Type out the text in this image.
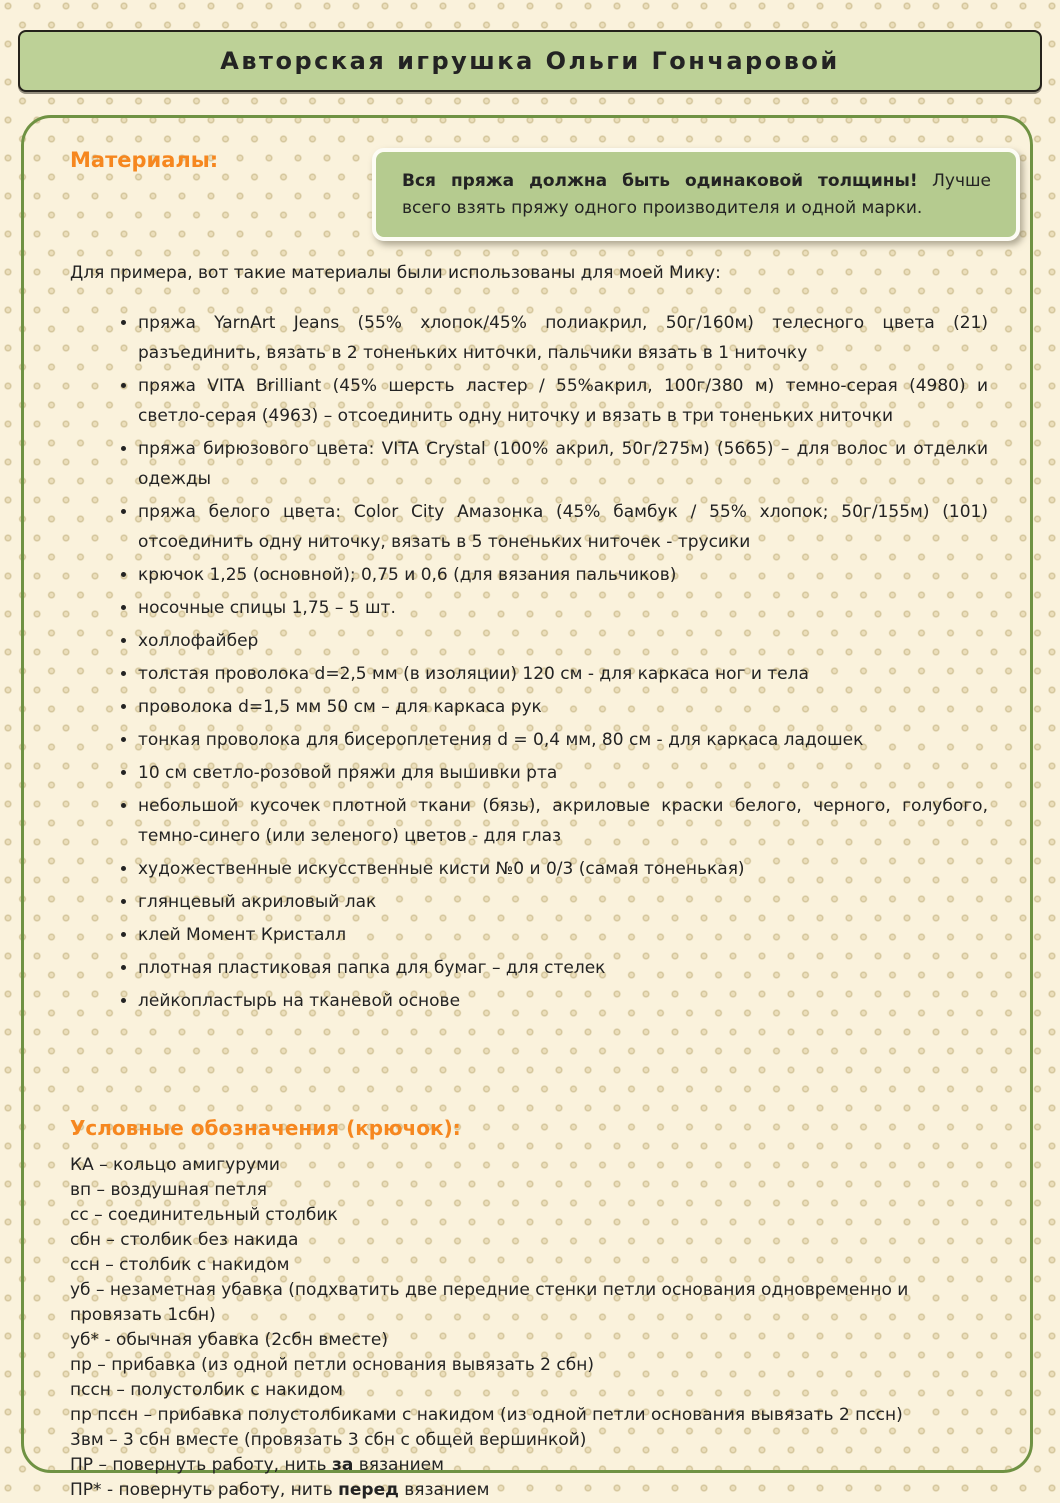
Авторская игрушка Ольги Гончаровой
Материалы:

Вся пряжа должна быть одинаковой толщины! Лучше всего взять пряжу одного производителя и одной марки.

Для примера, вот такие материалы были использованы для моей Мику:

• пряжа YarnArt Jeans (55% хлопок/45% полиакрил, 50г/160м) телесного цвета (21) разъединить, вязать в 2 тоненьких ниточки, пальчики вязать в 1 ниточку
• пряжа VITA Brilliant (45% шерсть ластер / 55%акрил, 100г/380 м) темно-серая (4980) и светло-серая (4963) – отсоединить одну ниточку и вязать в три тоненьких ниточки
• пряжа бирюзового цвета: VITA Crystal (100% акрил, 50г/275м) (5665) – для волос и отделки одежды
• пряжа белого цвета: Color City Амазонка (45% бамбук / 55% хлопок; 50г/155м) (101) отсоединить одну ниточку, вязать в 5 тоненьких ниточек - трусики
• крючок 1,25 (основной); 0,75 и 0,6 (для вязания пальчиков)
• носочные спицы 1,75 – 5 шт.
• холлофайбер
• толстая проволока d=2,5 мм (в изоляции) 120 см - для каркаса ног и тела
• проволока d=1,5 мм 50 см – для каркаса рук
• тонкая проволока для бисероплетения d = 0,4 мм, 80 см - для каркаса ладошек
• 10 см светло-розовой пряжи для вышивки рта
• небольшой кусочек плотной ткани (бязь), акриловые краски белого, черного, голубого, темно-синего (или зеленого) цветов - для глаз
• художественные искусственные кисти №0 и 0/3 (самая тоненькая)
• глянцевый акриловый лак
• клей Момент Кристалл
• плотная пластиковая папка для бумаг – для стелек
• лейкопластырь на тканевой основе
Условные обозначения (крючок):

КА – кольцо амигуруми

вп – воздушная петля

сс – соединительный столбик

сбн – столбик без накида

ссн – столбик с накидом

уб – незаметная убавка (подхватить две передние стенки петли основания одновременно и провязать 1сбн)

уб* - обычная убавка (2сбн вместе)

пр – прибавка (из одной петли основания вывязать 2 сбн)

пссн – полустолбик с накидом

пр пссн – прибавка полустолбиками с накидом (из одной петли основания вывязать 2 пссн)

3вм – 3 сбн вместе (провязать 3 сбн с общей вершинкой)

ПР – повернуть работу, нить за вязанием

ПР* - повернуть работу, нить перед вязанием
